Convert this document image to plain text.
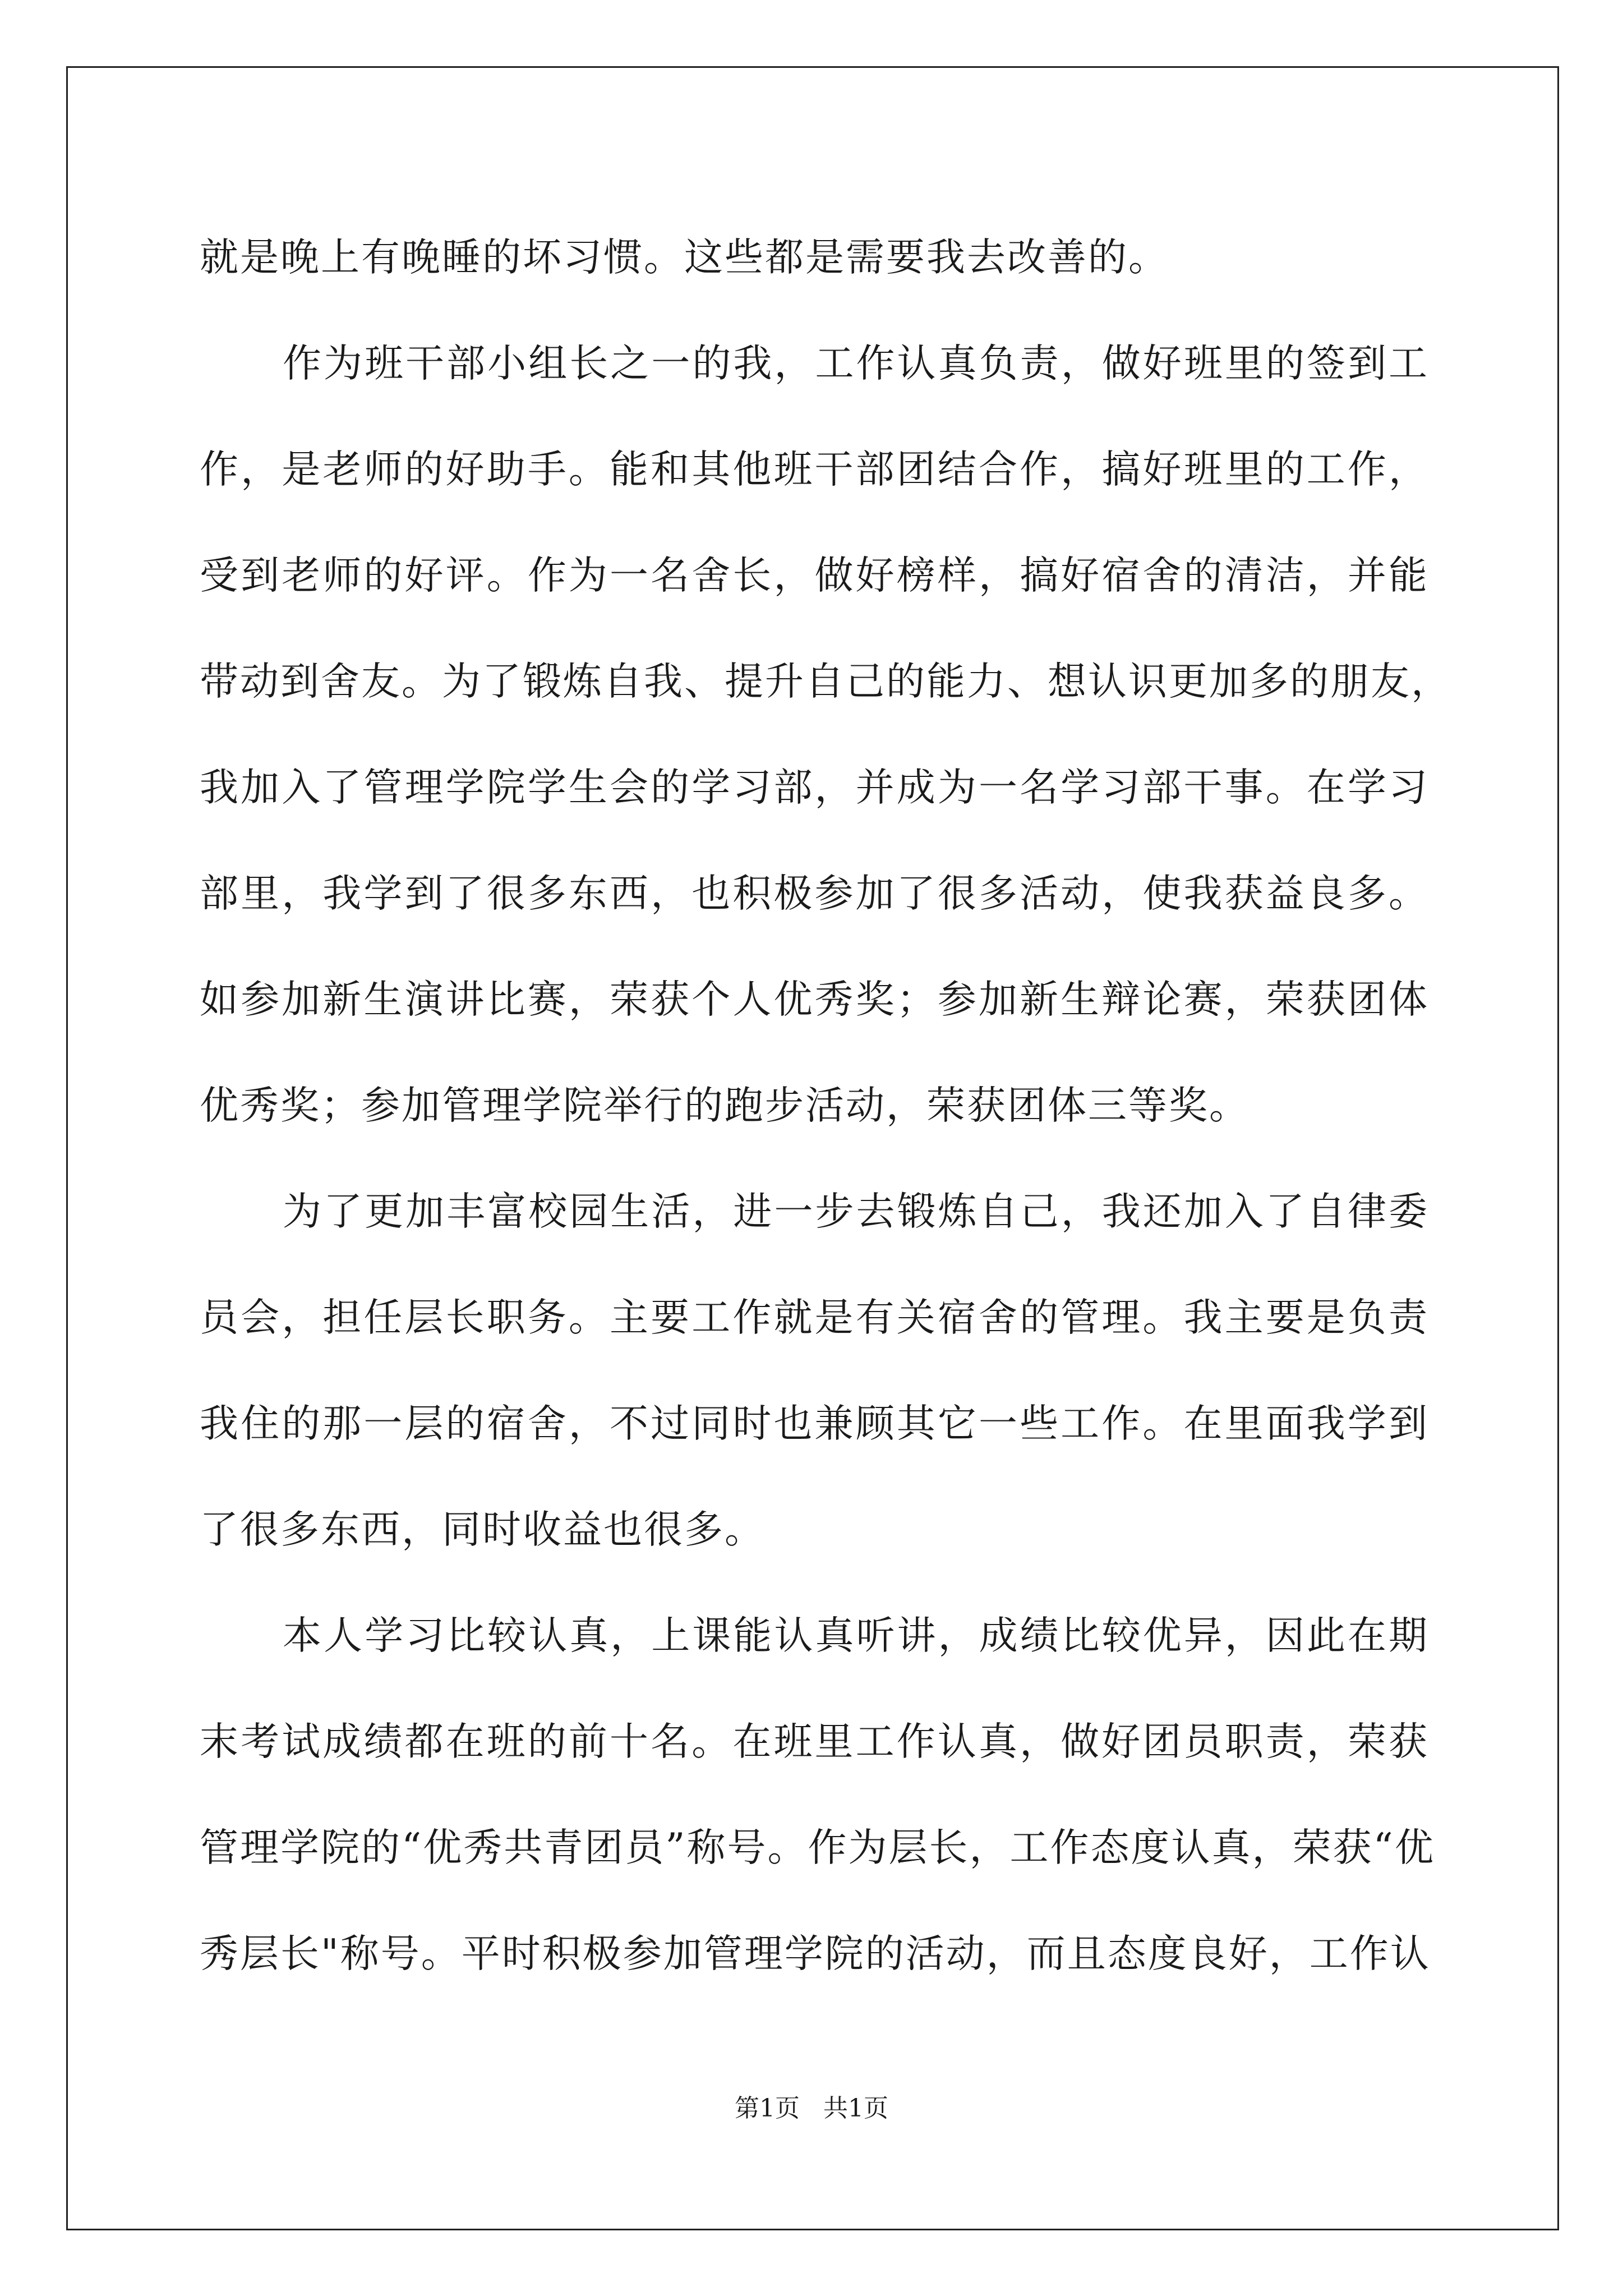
就是晚上有晚睡的坏习惯。这些都是需要我去改善的。
作为班干部小组长之一的我，工作认真负责，做好班里的签到工
作，是老师的好助手。能和其他班干部团结合作，搞好班里的工作，
受到老师的好评。作为一名舍长，做好榜样，搞好宿舍的清洁，并能
带动到舍友。为了锻炼自我、提升自己的能力、想认识更加多的朋友，
我加入了管理学院学生会的学习部，并成为一名学习部干事。在学习
部里，我学到了很多东西，也积极参加了很多活动，使我获益良多。
如参加新生演讲比赛，荣获个人优秀奖；参加新生辩论赛，荣获团体
优秀奖；参加管理学院举行的跑步活动，荣获团体三等奖。
为了更加丰富校园生活，进一步去锻炼自己，我还加入了自律委
员会，担任层长职务。主要工作就是有关宿舍的管理。我主要是负责
我住的那一层的宿舍，不过同时也兼顾其它一些工作。在里面我学到
了很多东西，同时收益也很多。
本人学习比较认真，上课能认真听讲，成绩比较优异，因此在期
末考试成绩都在班的前十名。在班里工作认真，做好团员职责，荣获
管理学院的“优秀共青团员”称号。作为层长，工作态度认真，荣获“优
秀层长"称号。平时积极参加管理学院的活动，而且态度良好，工作认
第1页   共1页
